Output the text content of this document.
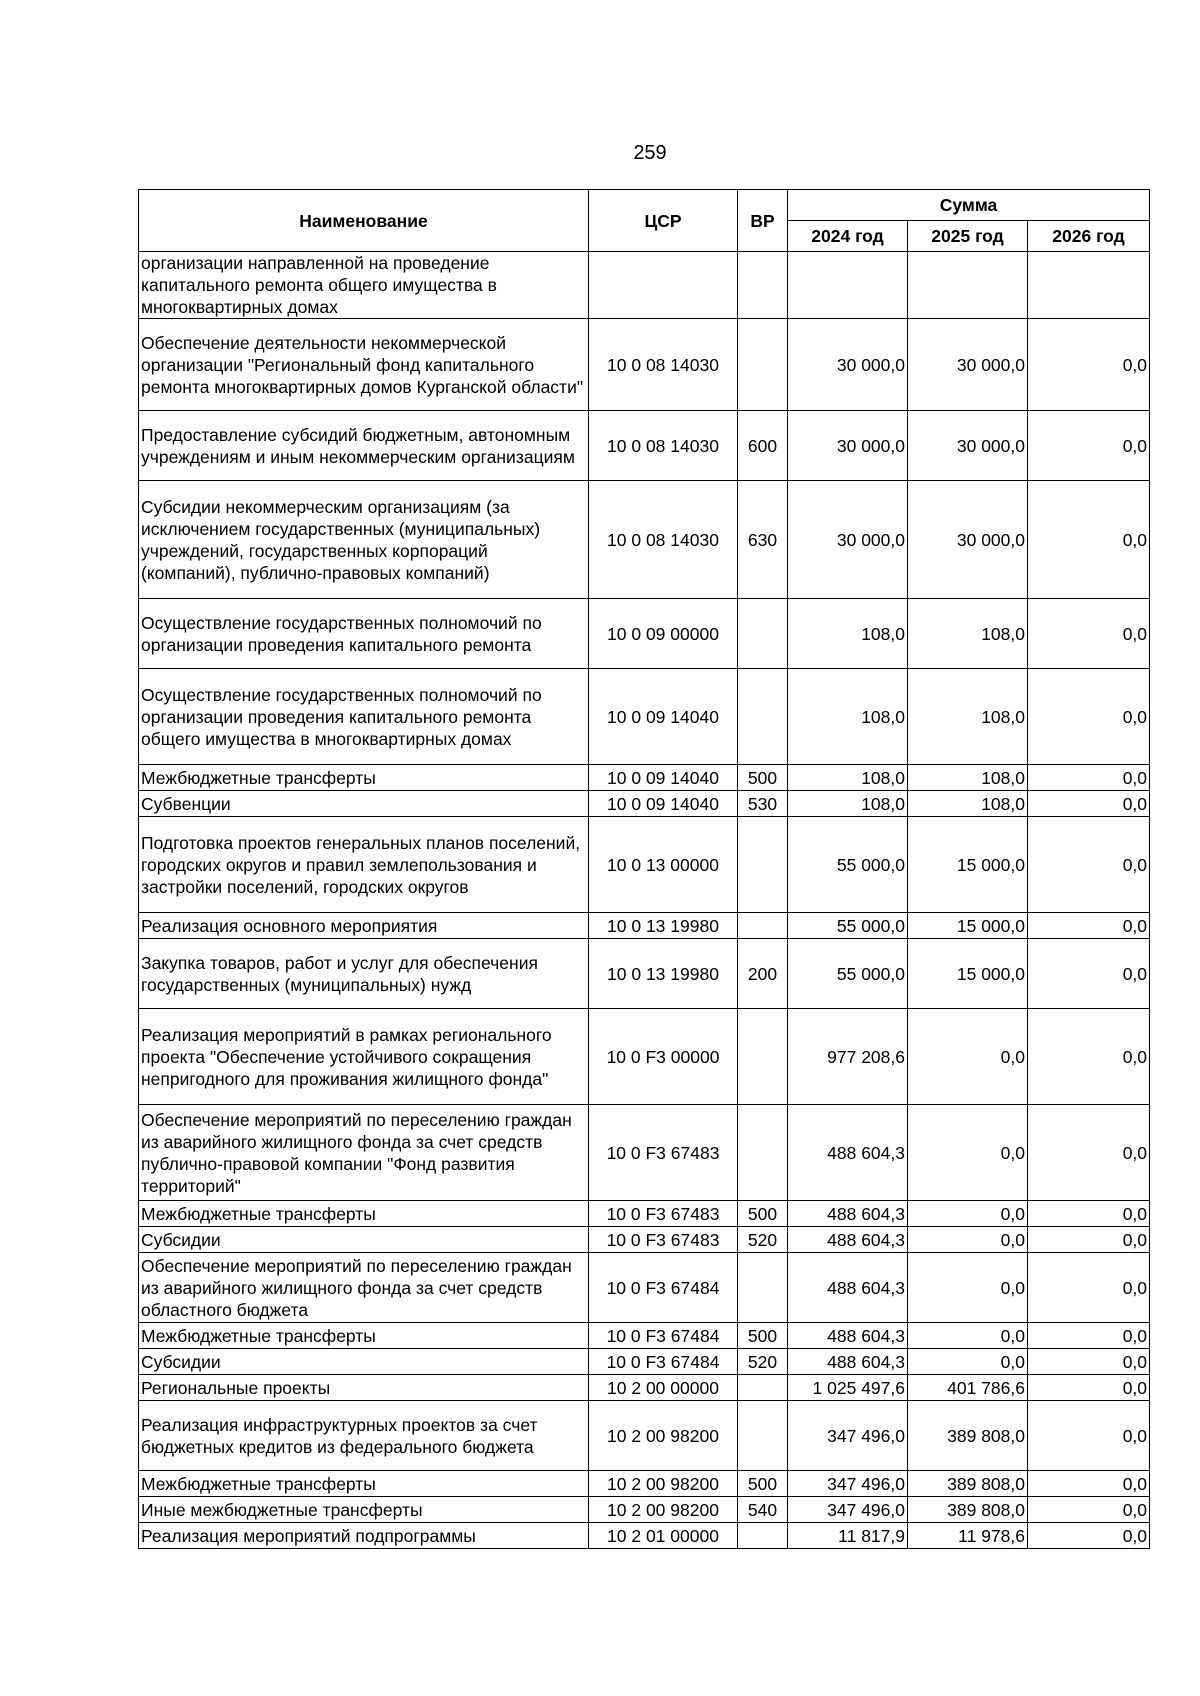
259
Наименование	ЦСР	ВР	Сумма		
			2024 год	2025 год	2026 год
организации направленной на проведение капитального ремонта общего имущества в многоквартирных домах					
Обеспечение деятельности некоммерческой организации "Региональный фонд капитального ремонта многоквартирных домов Курганской области"	10 0 08 14030		30 000,0	30 000,0	0,0
Предоставление субсидий бюджетным, автономным учреждениям и иным некоммерческим организациям	10 0 08 14030	600	30 000,0	30 000,0	0,0
Субсидии некоммерческим организациям (за исключением государственных (муниципальных) учреждений, государственных корпораций (компаний), публично-правовых компаний)	10 0 08 14030	630	30 000,0	30 000,0	0,0
Осуществление государственных полномочий по организации проведения капитального ремонта	10 0 09 00000		108,0	108,0	0,0
Осуществление государственных полномочий по организации проведения капитального ремонта общего имущества в многоквартирных домах	10 0 09 14040		108,0	108,0	0,0
Межбюджетные трансферты	10 0 09 14040	500	108,0	108,0	0,0
Субвенции	10 0 09 14040	530	108,0	108,0	0,0
Подготовка проектов генеральных планов поселений, городских округов и правил землепользования и застройки поселений, городских округов	10 0 13 00000		55 000,0	15 000,0	0,0
Реализация основного мероприятия	10 0 13 19980		55 000,0	15 000,0	0,0
Закупка товаров, работ и услуг для обеспечения государственных (муниципальных) нужд	10 0 13 19980	200	55 000,0	15 000,0	0,0
Реализация мероприятий в рамках регионального проекта "Обеспечение устойчивого сокращения непригодного для проживания жилищного фонда"	10 0 F3 00000		977 208,6	0,0	0,0
Обеспечение мероприятий по переселению граждан из аварийного жилищного фонда за счет средств публично-правовой компании "Фонд развития территорий"	10 0 F3 67483		488 604,3	0,0	0,0
Межбюджетные трансферты	10 0 F3 67483	500	488 604,3	0,0	0,0
Субсидии	10 0 F3 67483	520	488 604,3	0,0	0,0
Обеспечение мероприятий по переселению граждан из аварийного жилищного фонда за счет средств областного бюджета	10 0 F3 67484		488 604,3	0,0	0,0
Межбюджетные трансферты	10 0 F3 67484	500	488 604,3	0,0	0,0
Субсидии	10 0 F3 67484	520	488 604,3	0,0	0,0
Региональные проекты	10 2 00 00000		1 025 497,6	401 786,6	0,0
Реализация инфраструктурных проектов за счет бюджетных кредитов из федерального бюджета	10 2 00 98200		347 496,0	389 808,0	0,0
Межбюджетные трансферты	10 2 00 98200	500	347 496,0	389 808,0	0,0
Иные межбюджетные трансферты	10 2 00 98200	540	347 496,0	389 808,0	0,0
Реализация мероприятий подпрограммы	10 2 01 00000		11 817,9	11 978,6	0,0
